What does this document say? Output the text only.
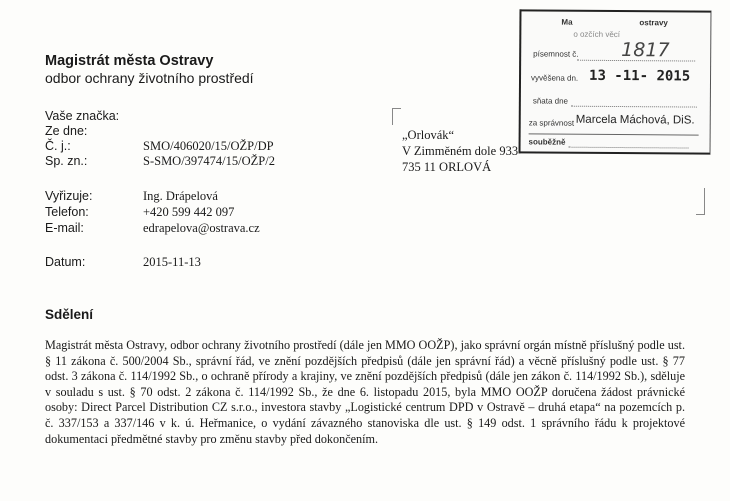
Magistrát města Ostravy
odbor ochrany životního prostředí
Vaše značka:
Ze dne:
Č. j.:	SMO/406020/15/OŽP/DP
Sp. zn.:	S-SMO/397474/15/OŽP/2
Vyřizuje:	Ing. Drápelová
Telefon:	+420 599 442 097
E-mail:	edrapelova@ostrava.cz
Datum:	2015-11-13
„Orlovák“
V Zimměném dole 933
735 11 ORLOVÁ
Ma	ostravy
o ozčích věcí
písemnost č. 1817
vyvěšena dn. 13 -11- 2015
sňata dne
za správnost Marcela Máchová, DiS.
souběžně
Sdělení

Magistrát města Ostravy, odbor ochrany životního prostředí (dále jen MMO OOŽP), jako správní orgán místně příslušný podle ust. § 11 zákona č. 500/2004 Sb., správní řád, ve znění pozdějších předpisů (dále jen správní řád) a věcně příslušný podle ust. § 77 odst. 3 zákona č. 114/1992 Sb., o ochraně přírody a krajiny, ve znění pozdějších předpisů (dále jen zákon č. 114/1992 Sb.), sděluje v souladu s ust. § 70 odst. 2 zákona č. 114/1992 Sb., že dne 6. listopadu 2015, byla MMO OOŽP doručena žádost právnické osoby: Direct Parcel Distribution CZ s.r.o., investora stavby „Logistické centrum DPD v Ostravě – druhá etapa“ na pozemcích p. č. 337/153 a 337/146 v k. ú. Heřmanice, o vydání závazného stanoviska dle ust. § 149 odst. 1 správního řádu k projektové dokumentaci předmětné stavby pro změnu stavby před dokončením.
